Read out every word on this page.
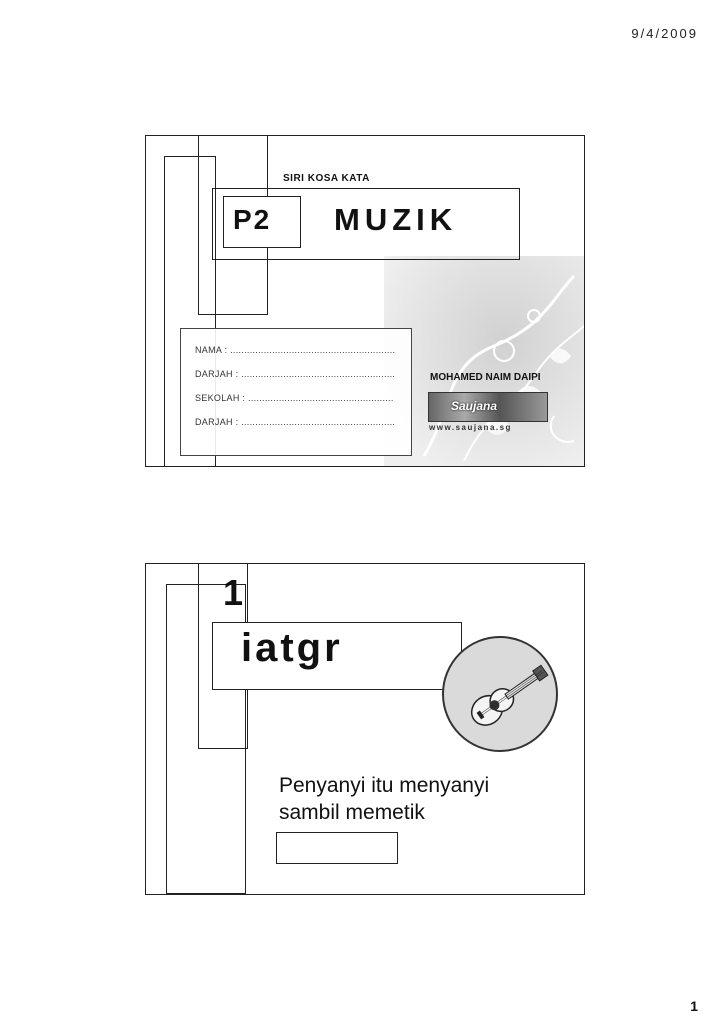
9/4/2009
SIRI KOSA KATA
P2 MUZIK
NAMA : ...........................................................
DARJAH : .......................................................
SEKOLAH : ....................................................
DARJAH : .......................................................
MOHAMED NAIM DAIPI
Saujana
www.saujana.sg
1
iatgr
Penyanyi itu menyanyi
sambil memetik
1
